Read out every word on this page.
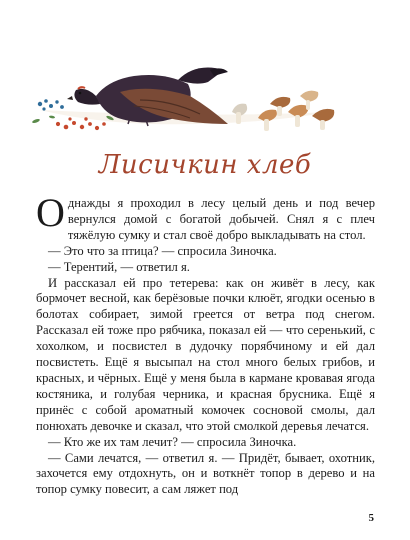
Лисичкин хлеб

Однажды я проходил в лесу целый день и под вечер вернулся домой с богатой добычей. Снял я с плеч тяжёлую сумку и стал своё добро выкладывать на стол.

— Это что за птица? — спросила Зиночка.

— Терентий, — ответил я.

И рассказал ей про тетерева: как он живёт в лесу, как бормочет весной, как берёзовые почки клюёт, ягодки осенью в болотах собирает, зимой греется от ветра под снегом. Рассказал ей тоже про рябчика, показал ей — что серенький, с хохолком, и посвистел в дудочку порябчиному и ей дал посвистеть. Ещё я высыпал на стол много белых грибов, и красных, и чёрных. Ещё у меня была в кармане кровавая ягода костяника, и голубая черника, и красная брусника. Ещё я принёс с собой ароматный комочек сосновой смолы, дал понюхать девочке и сказал, что этой смолкой деревья лечатся.

— Кто же их там лечит? — спросила Зиночка.

— Сами лечатся, — ответил я. — Придёт, бывает, охотник, захочется ему отдохнуть, он и воткнёт топор в дерево и на топор сумку повесит, а сам ляжет под

5
